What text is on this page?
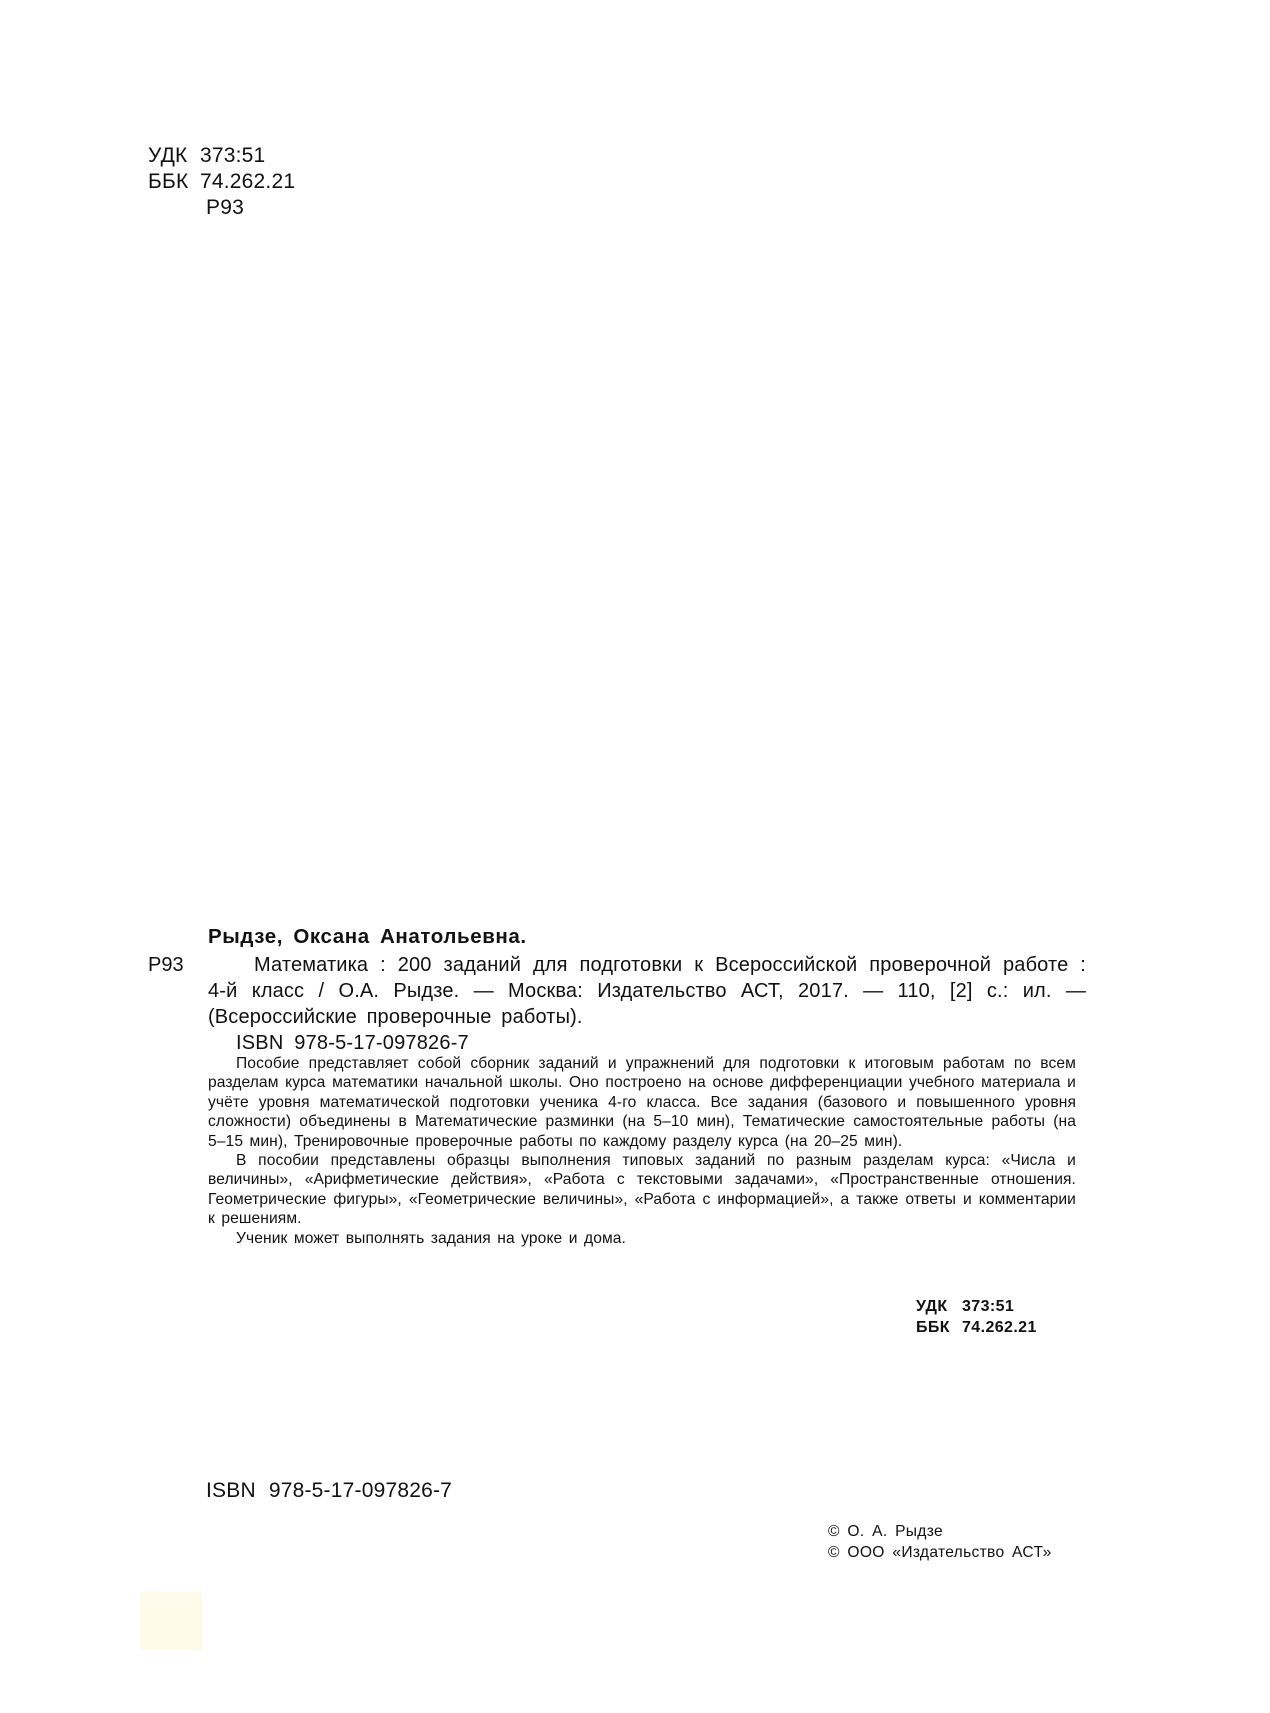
УДК 373:51
ББК 74.262.21
Р93
Рыдзе, Оксана Анатольевна.
Р93	Математика : 200 заданий для подготовки к Всероссийской проверочной работе : 4-й класс / О.А. Рыдзе. — Москва: Издательство АСТ, 2017. — 110, [2] с.: ил. — (Всероссийские проверочные работы).
ISBN 978-5-17-097826-7

Пособие представляет собой сборник заданий и упражнений для подготовки к итоговым работам по всем разделам курса математики начальной школы. Оно построено на основе дифференциации учебного материала и учёте уровня математической подготовки ученика 4-го класса. Все задания (базового и повышенного уровня сложности) объединены в Математические разминки (на 5–10 мин), Тематические самостоятельные работы (на 5–15 мин), Тренировочные проверочные работы по каждому разделу курса (на 20–25 мин).

В пособии представлены образцы выполнения типовых заданий по разным разделам курса: «Числа и величины», «Арифметические действия», «Работа с текстовыми задачами», «Пространственные отношения. Геометрические фигуры», «Геометрические величины», «Работа с информацией», а также ответы и комментарии к решениям.

Ученик может выполнять задания на уроке и дома.

УДК 373:51
ББК 74.262.21
ISBN 978-5-17-097826-7
© О. А. Рыдзе
© ООО «Издательство АСТ»
